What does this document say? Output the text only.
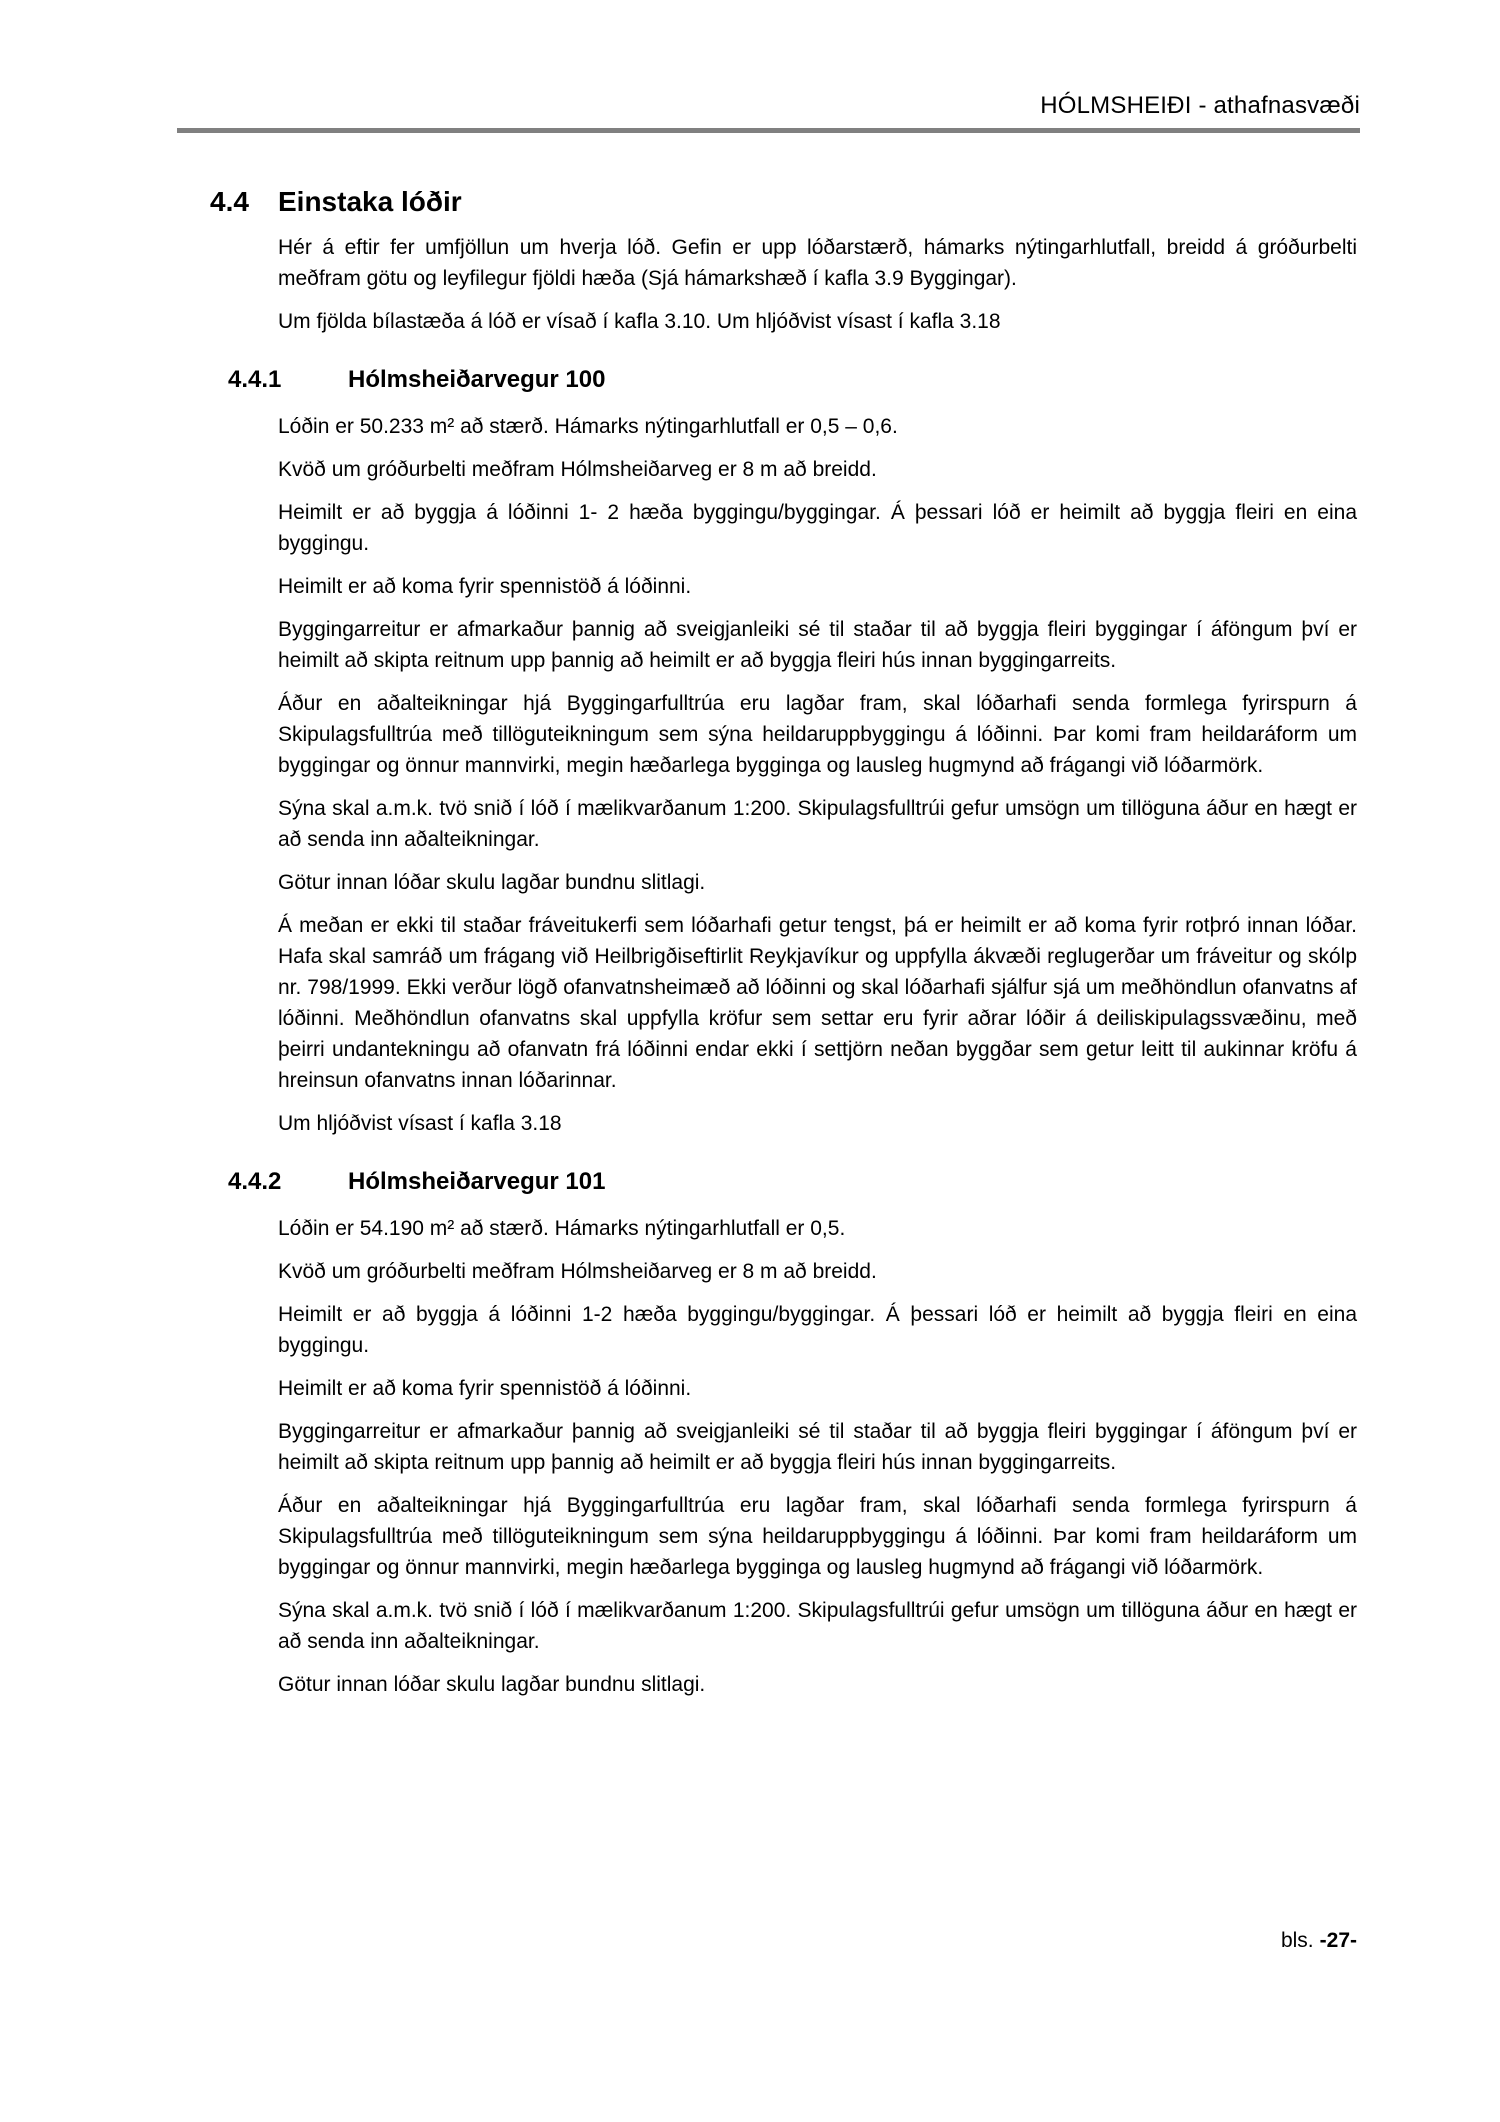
HÓLMSHEIÐI - athafnasvæði
4.4	Einstaka lóðir

Hér á eftir fer umfjöllun um hverja lóð. Gefin er upp lóðarstærð, hámarks nýtingarhlutfall, breidd á gróðurbelti meðfram götu og leyfilegur fjöldi hæða (Sjá hámarkshæð í kafla 3.9 Byggingar).

Um fjölda bílastæða á lóð er vísað í kafla 3.10. Um hljóðvist vísast í kafla 3.18

4.4.1	Hólmsheiðarvegur 100

Lóðin er 50.233 m² að stærð. Hámarks nýtingarhlutfall er 0,5 – 0,6.

Kvöð um gróðurbelti meðfram Hólmsheiðarveg er 8 m að breidd.

Heimilt er að byggja á lóðinni 1- 2 hæða byggingu/byggingar. Á þessari lóð er heimilt að byggja fleiri en eina byggingu.

Heimilt er að koma fyrir spennistöð á lóðinni.

Byggingarreitur er afmarkaður þannig að sveigjanleiki sé til staðar til að byggja fleiri byggingar í áföngum því er heimilt að skipta reitnum upp þannig að heimilt er að byggja fleiri hús innan byggingarreits.

Áður en aðalteikningar hjá Byggingarfulltrúa eru lagðar fram, skal lóðarhafi senda formlega fyrirspurn á Skipulagsfulltrúa með tillöguteikningum sem sýna heildaruppbyggingu á lóðinni. Þar komi fram heildaráform um byggingar og önnur mannvirki, megin hæðarlega bygginga og lausleg hugmynd að frágangi við lóðarmörk.

Sýna skal a.m.k. tvö snið í lóð í mælikvarðanum 1:200. Skipulagsfulltrúi gefur umsögn um tillöguna áður en hægt er að senda inn aðalteikningar.

Götur innan lóðar skulu lagðar bundnu slitlagi.

Á meðan er ekki til staðar fráveitukerfi sem lóðarhafi getur tengst, þá er heimilt er að koma fyrir rotþró innan lóðar. Hafa skal samráð um frágang við Heilbrigðiseftirlit Reykjavíkur og uppfylla ákvæði reglugerðar um fráveitur og skólp nr. 798/1999. Ekki verður lögð ofanvatnsheimæð að lóðinni og skal lóðarhafi sjálfur sjá um meðhöndlun ofanvatns af lóðinni. Meðhöndlun ofanvatns skal uppfylla kröfur sem settar eru fyrir aðrar lóðir á deiliskipulagssvæðinu, með þeirri undantekningu að ofanvatn frá lóðinni endar ekki í settjörn neðan byggðar sem getur leitt til aukinnar kröfu á hreinsun ofanvatns innan lóðarinnar.

Um hljóðvist vísast í kafla 3.18

4.4.2	Hólmsheiðarvegur 101

Lóðin er 54.190 m² að stærð. Hámarks nýtingarhlutfall er 0,5.

Kvöð um gróðurbelti meðfram Hólmsheiðarveg er 8 m að breidd.

Heimilt er að byggja á lóðinni 1-2 hæða byggingu/byggingar. Á þessari lóð er heimilt að byggja fleiri en eina byggingu.

Heimilt er að koma fyrir spennistöð á lóðinni.

Byggingarreitur er afmarkaður þannig að sveigjanleiki sé til staðar til að byggja fleiri byggingar í áföngum því er heimilt að skipta reitnum upp þannig að heimilt er að byggja fleiri hús innan byggingarreits.

Áður en aðalteikningar hjá Byggingarfulltrúa eru lagðar fram, skal lóðarhafi senda formlega fyrirspurn á Skipulagsfulltrúa með tillöguteikningum sem sýna heildaruppbyggingu á lóðinni. Þar komi fram heildaráform um byggingar og önnur mannvirki, megin hæðarlega bygginga og lausleg hugmynd að frágangi við lóðarmörk.

Sýna skal a.m.k. tvö snið í lóð í mælikvarðanum 1:200. Skipulagsfulltrúi gefur umsögn um tillöguna áður en hægt er að senda inn aðalteikningar.

Götur innan lóðar skulu lagðar bundnu slitlagi.

bls. -27-
